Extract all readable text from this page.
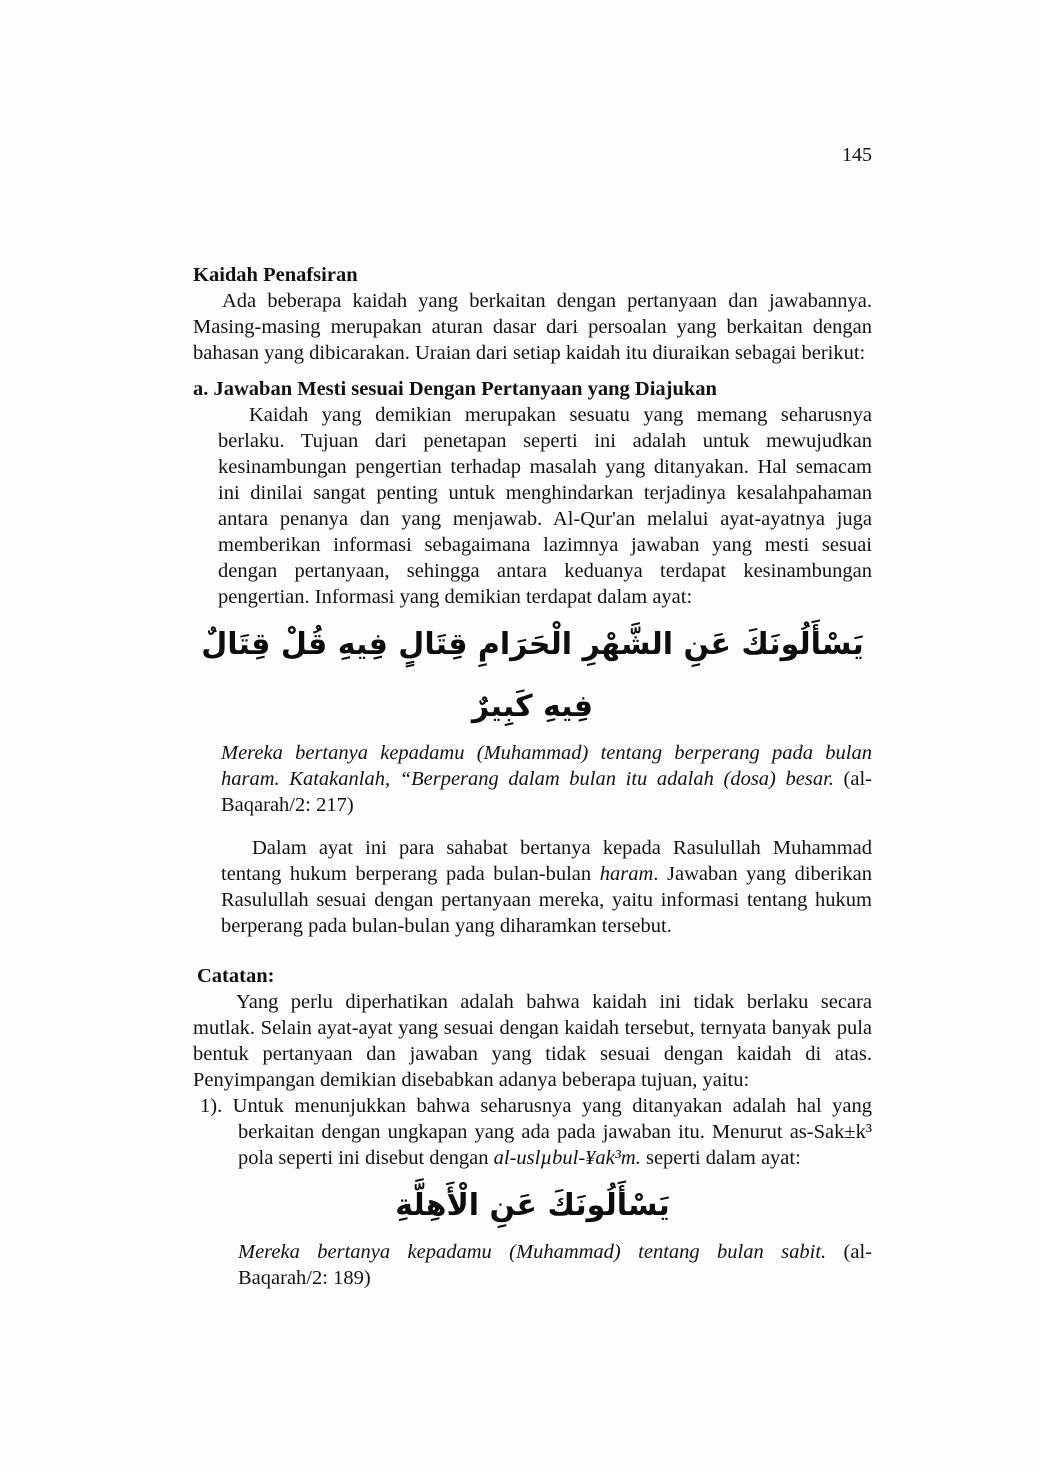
145
Kaidah Penafsiran

Ada beberapa kaidah yang berkaitan dengan pertanyaan dan jawabannya. Masing-masing merupakan aturan dasar dari persoalan yang berkaitan dengan bahasan yang dibicarakan. Uraian dari setiap kaidah itu diuraikan sebagai berikut:

a. Jawaban Mesti sesuai Dengan Pertanyaan yang Diajukan

Kaidah yang demikian merupakan sesuatu yang memang seharusnya berlaku. Tujuan dari penetapan seperti ini adalah untuk mewujudkan kesinambungan pengertian terhadap masalah yang ditanyakan. Hal semacam ini dinilai sangat penting untuk menghindarkan terjadinya kesalahpahaman antara penanya dan yang menjawab. Al-Qur'an melalui ayat-ayatnya juga memberikan informasi sebagaimana lazimnya jawaban yang mesti sesuai dengan pertanyaan, sehingga antara keduanya terdapat kesinambungan pengertian. Informasi yang demikian terdapat dalam ayat:

يَسْأَلُونَكَ عَنِ الشَّهْرِ الْحَرَامِ قِتَالٍ فِيهِ قُلْ قِتَالٌ فِيهِ كَبِيرٌ

Mereka bertanya kepadamu (Muhammad) tentang berperang pada bulan haram. Katakanlah, “Berperang dalam bulan itu adalah (dosa) besar. (al-Baqarah/2: 217)

Dalam ayat ini para sahabat bertanya kepada Rasulullah Muhammad tentang hukum berperang pada bulan-bulan haram. Jawaban yang diberikan Rasulullah sesuai dengan pertanyaan mereka, yaitu informasi tentang hukum berperang pada bulan-bulan yang diharamkan tersebut.

Catatan:

Yang perlu diperhatikan adalah bahwa kaidah ini tidak berlaku secara mutlak. Selain ayat-ayat yang sesuai dengan kaidah tersebut, ternyata banyak pula bentuk pertanyaan dan jawaban yang tidak sesuai dengan kaidah di atas. Penyimpangan demikian disebabkan adanya beberapa tujuan, yaitu:

1). Untuk menunjukkan bahwa seharusnya yang ditanyakan adalah hal yang berkaitan dengan ungkapan yang ada pada jawaban itu. Menurut as-Sak±k³ pola seperti ini disebut dengan al-uslµbul-¥ak³m. seperti dalam ayat:

يَسْأَلُونَكَ عَنِ الْأَهِلَّةِ

Mereka bertanya kepadamu (Muhammad) tentang bulan sabit. (al-Baqarah/2: 189)
